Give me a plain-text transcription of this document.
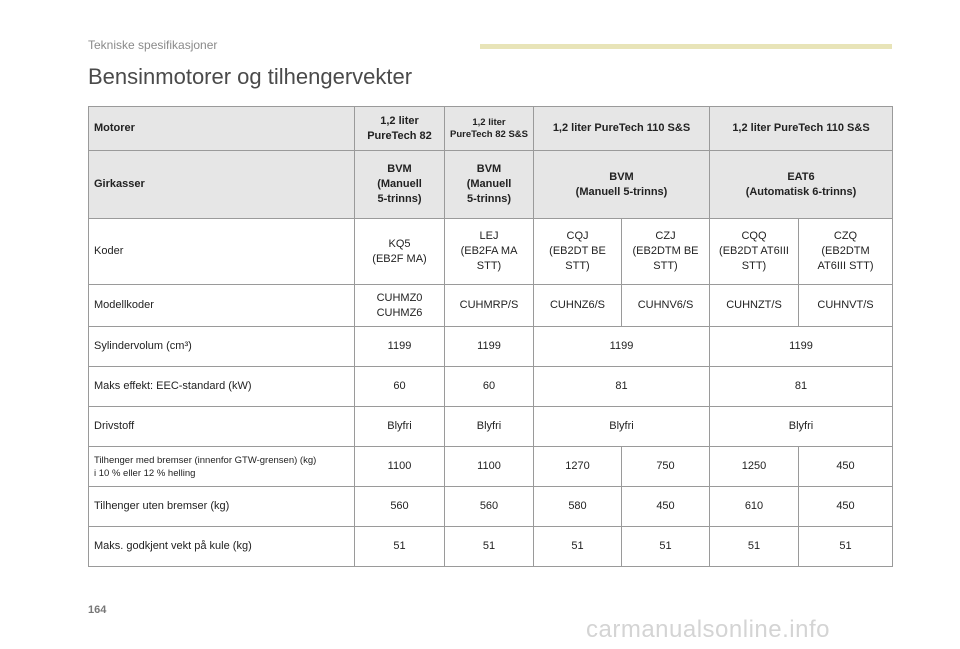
Tekniske spesifikasjoner
Bensinmotorer og tilhengervekter
Motorer	1,2 liter
PureTech 82	1,2 liter
PureTech 82 S&S	1,2 liter PureTech 110 S&S		1,2 liter PureTech 110 S&S	
Girkasser	BVM
(Manuell
5-trinns)	BVM
(Manuell
5-trinns)	BVM
(Manuell 5-trinns)		EAT6
(Automatisk 6-trinns)	
Koder	KQ5
(EB2F MA)	LEJ
(EB2FA MA
STT)	CQJ
(EB2DT BE
STT)	CZJ
(EB2DTM BE
STT)	CQQ
(EB2DT AT6III
STT)	CZQ
(EB2DTM
AT6III STT)
Modellkoder	CUHMZ0
CUHMZ6	CUHMRP/S	CUHNZ6/S	CUHNV6/S	CUHNZT/S	CUHNVT/S
Sylindervolum (cm³)	1199	1199	1199		1199	
Maks effekt: EEC-standard (kW)	60	60	81		81	
Drivstoff	Blyfri	Blyfri	Blyfri		Blyfri	
Tilhenger med bremser (innenfor GTW-grensen) (kg)
i 10 % eller 12 % helling	1100	1100	1270	750	1250	450
Tilhenger uten bremser (kg)	560	560	580	450	610	450
Maks. godkjent vekt på kule (kg)	51	51	51	51	51	51
164
carmanualsonline.info
